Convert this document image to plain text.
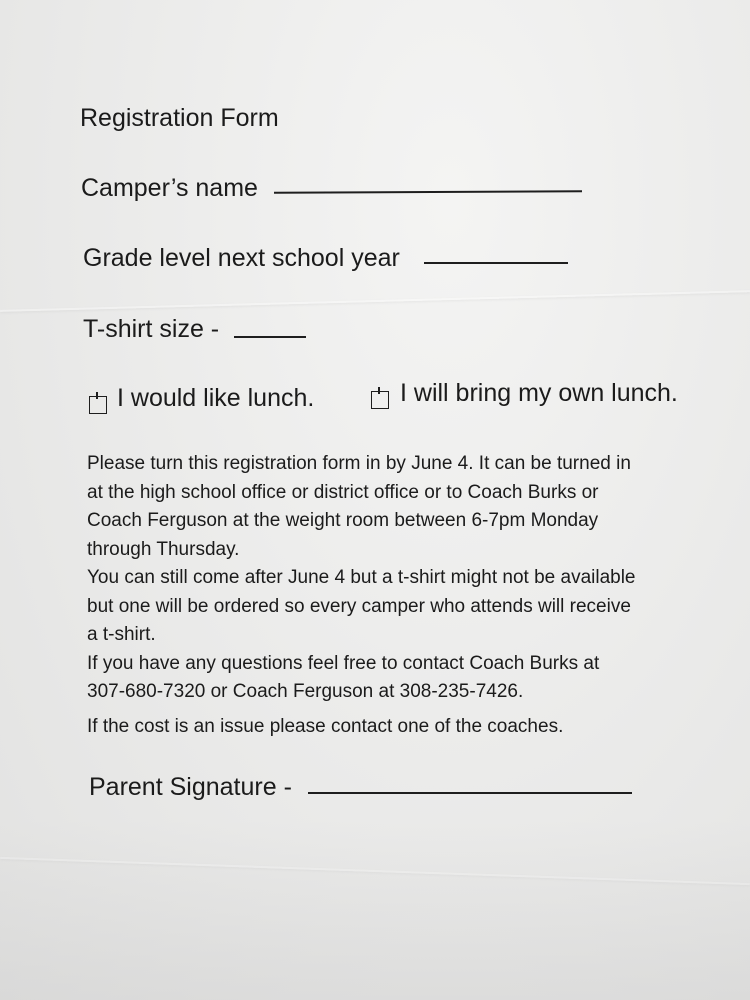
Registration Form
Camper’s name
Grade level next school year
T-shirt size -
I would like lunch.	I will bring my own lunch.

Please turn this registration form in by June 4. It can be turned in

at the high school office or district office or to Coach Burks or

Coach Ferguson at the weight room between 6-7pm Monday

through Thursday.

You can still come after June 4 but a t-shirt might not be available

but one will be ordered so every camper who attends will receive

a t-shirt.

If you have any questions feel free to contact Coach Burks at

307-680-7320 or Coach Ferguson at 308-235-7426.

If the cost is an issue please contact one of the coaches.

Parent Signature -
